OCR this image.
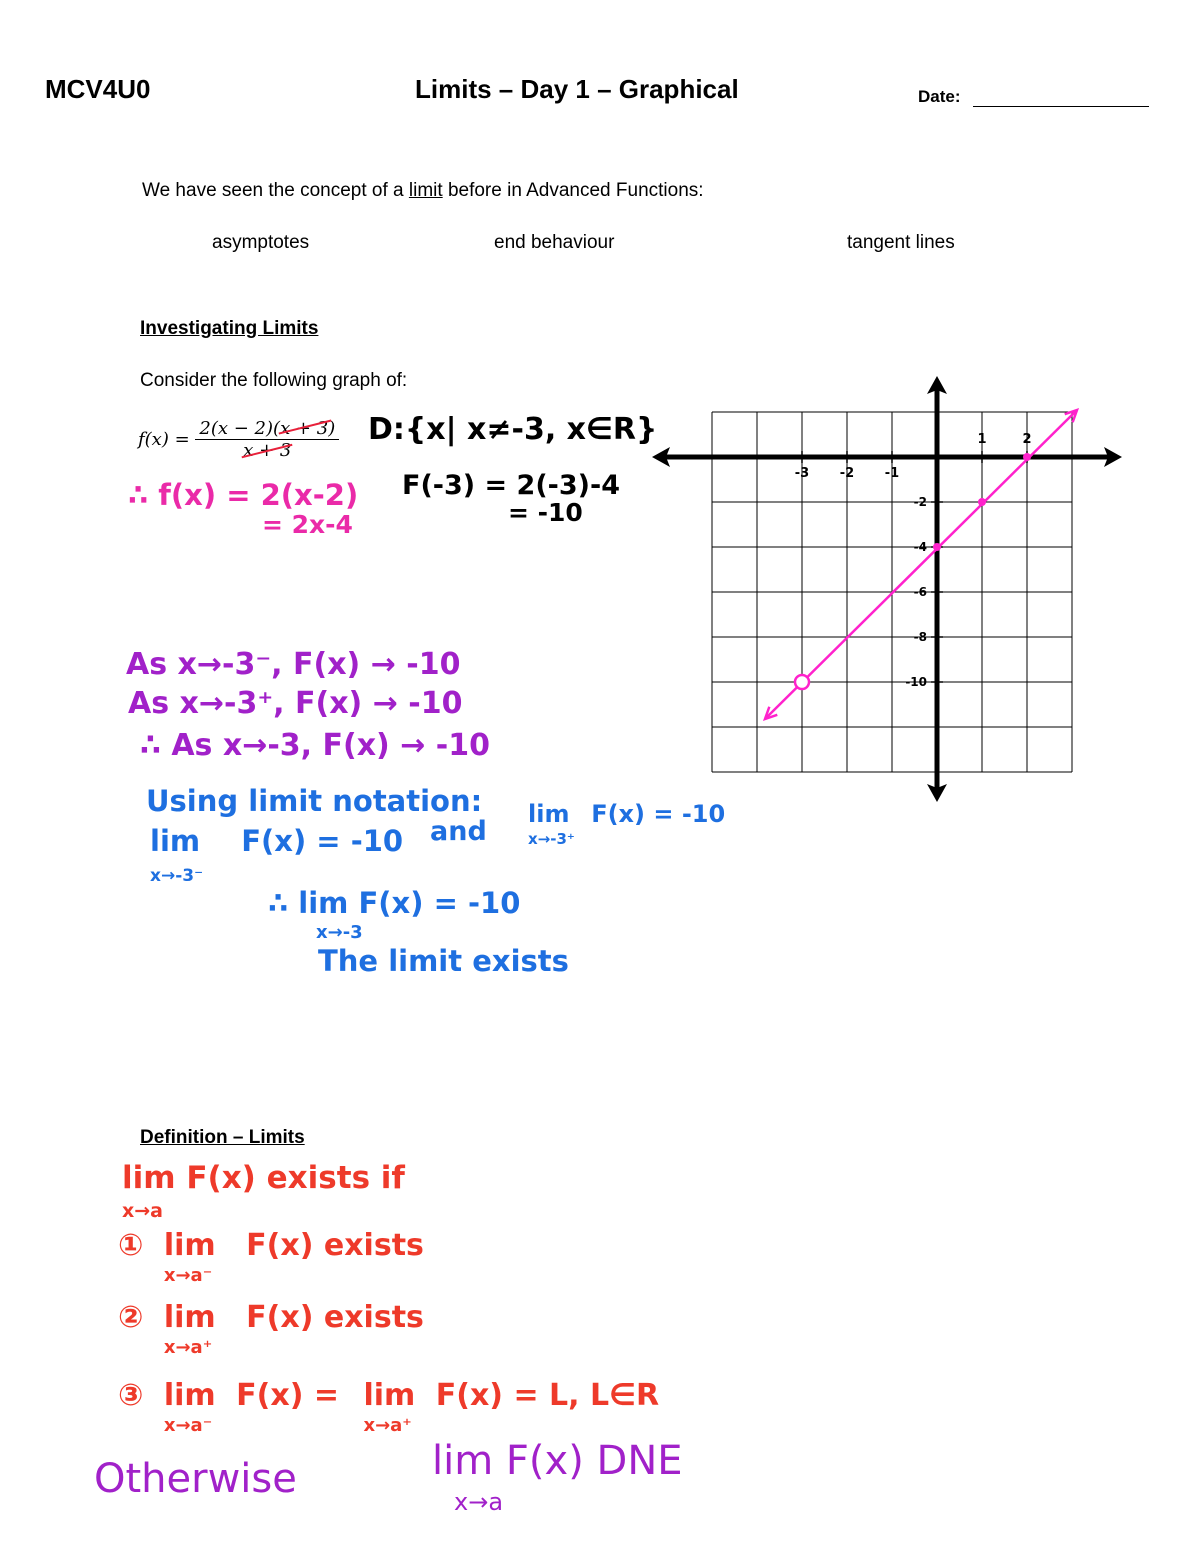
MCV4U0	Limits – Day 1 – Graphical	Date:
We have seen the concept of a limit before in Advanced Functions:
asymptotes	end behaviour	tangent lines
Investigating Limits
Consider the following graph of:
f(x) = 2(x − 2)(x + 3
)
x + 3 D:{x| x≠-3, x∈R}
∴ f(x) = 2(x-2)
= 2x-4
F(-3) = 2(-3)-4
= -10
As x→-3⁻, F(x) → -10
As x→-3⁺, F(x) → -10
∴ As x→-3, F(x) → -10
Using limit notation:
lim
x→-3⁻
F(x) = -10 and
lim
x→-3⁺
F(x) = -10
∴ lim F(x) = -10
x→-3
The limit exists
-3 -2 -1
1	2
-2
-4
-6
-8
-10
Definition – Limits
lim F(x) exists if
x→a
① lim
x→a⁻
F(x) exists
② lim
x→a⁺
F(x) exists
③ lim
x→a⁻
F(x) = lim
x→a⁺
F(x) = L, L∈R
Otherwise	lim F(x) DNE
x→a
